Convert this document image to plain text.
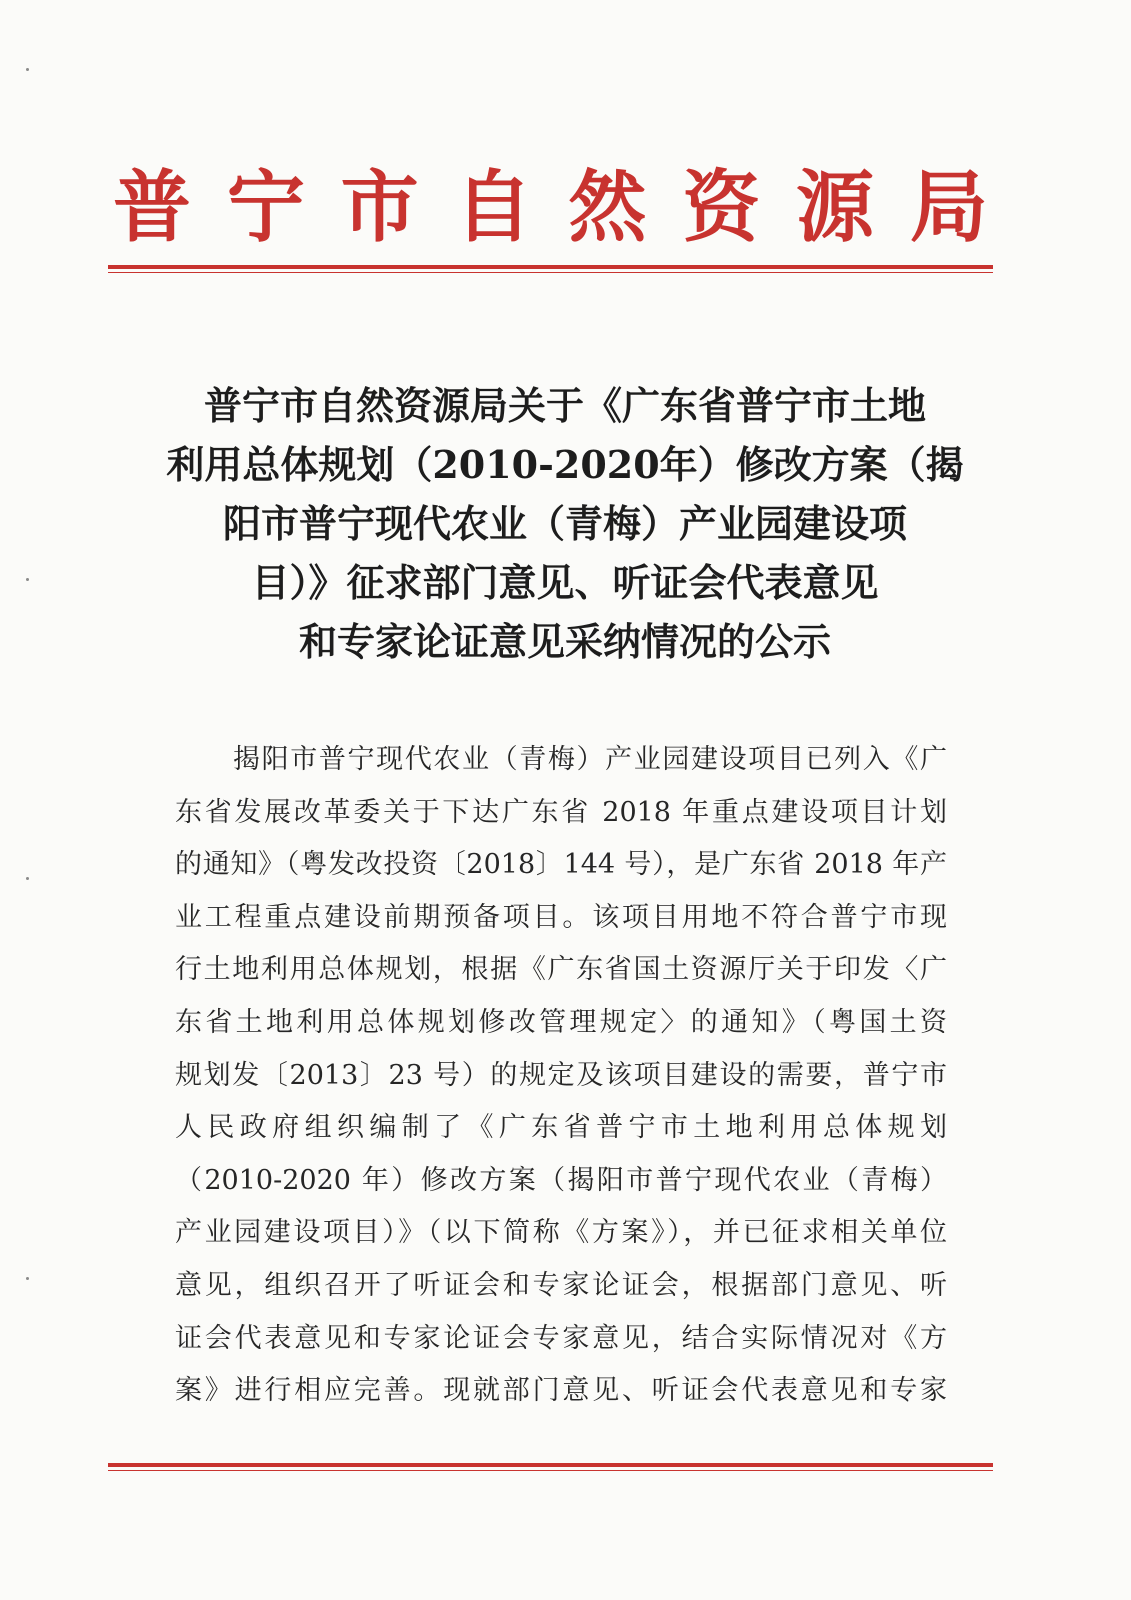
普 宁 市 自 然 资 源 局
普宁市自然资源局关于《广东省普宁市土地
利用总体规划（2010-2020年）修改方案（揭
阳市普宁现代农业（青梅）产业园建设项
目）》征求部门意见、听证会代表意见
和专家论证意见采纳情况的公示
揭阳市普宁现代农业（青梅）产业园建设项目已列入《广
东省发展改革委关于下达广东省 2018 年重点建设项目计划
的通知》（粤发改投资〔2018〕144 号），是广东省 2018 年产
业工程重点建设前期预备项目。该项目用地不符合普宁市现
行土地利用总体规划，根据《广东省国土资源厅关于印发〈广
东省土地利用总体规划修改管理规定〉的通知》（粤国土资
规划发〔2013〕23 号）的规定及该项目建设的需要，普宁市
人民政府组织编制了《广东省普宁市土地利用总体规划
（2010-2020 年）修改方案（揭阳市普宁现代农业（青梅）
产业园建设项目）》（以下简称《方案》），并已征求相关单位
意见，组织召开了听证会和专家论证会，根据部门意见、听
证会代表意见和专家论证会专家意见，结合实际情况对《方
案》进行相应完善。现就部门意见、听证会代表意见和专家
